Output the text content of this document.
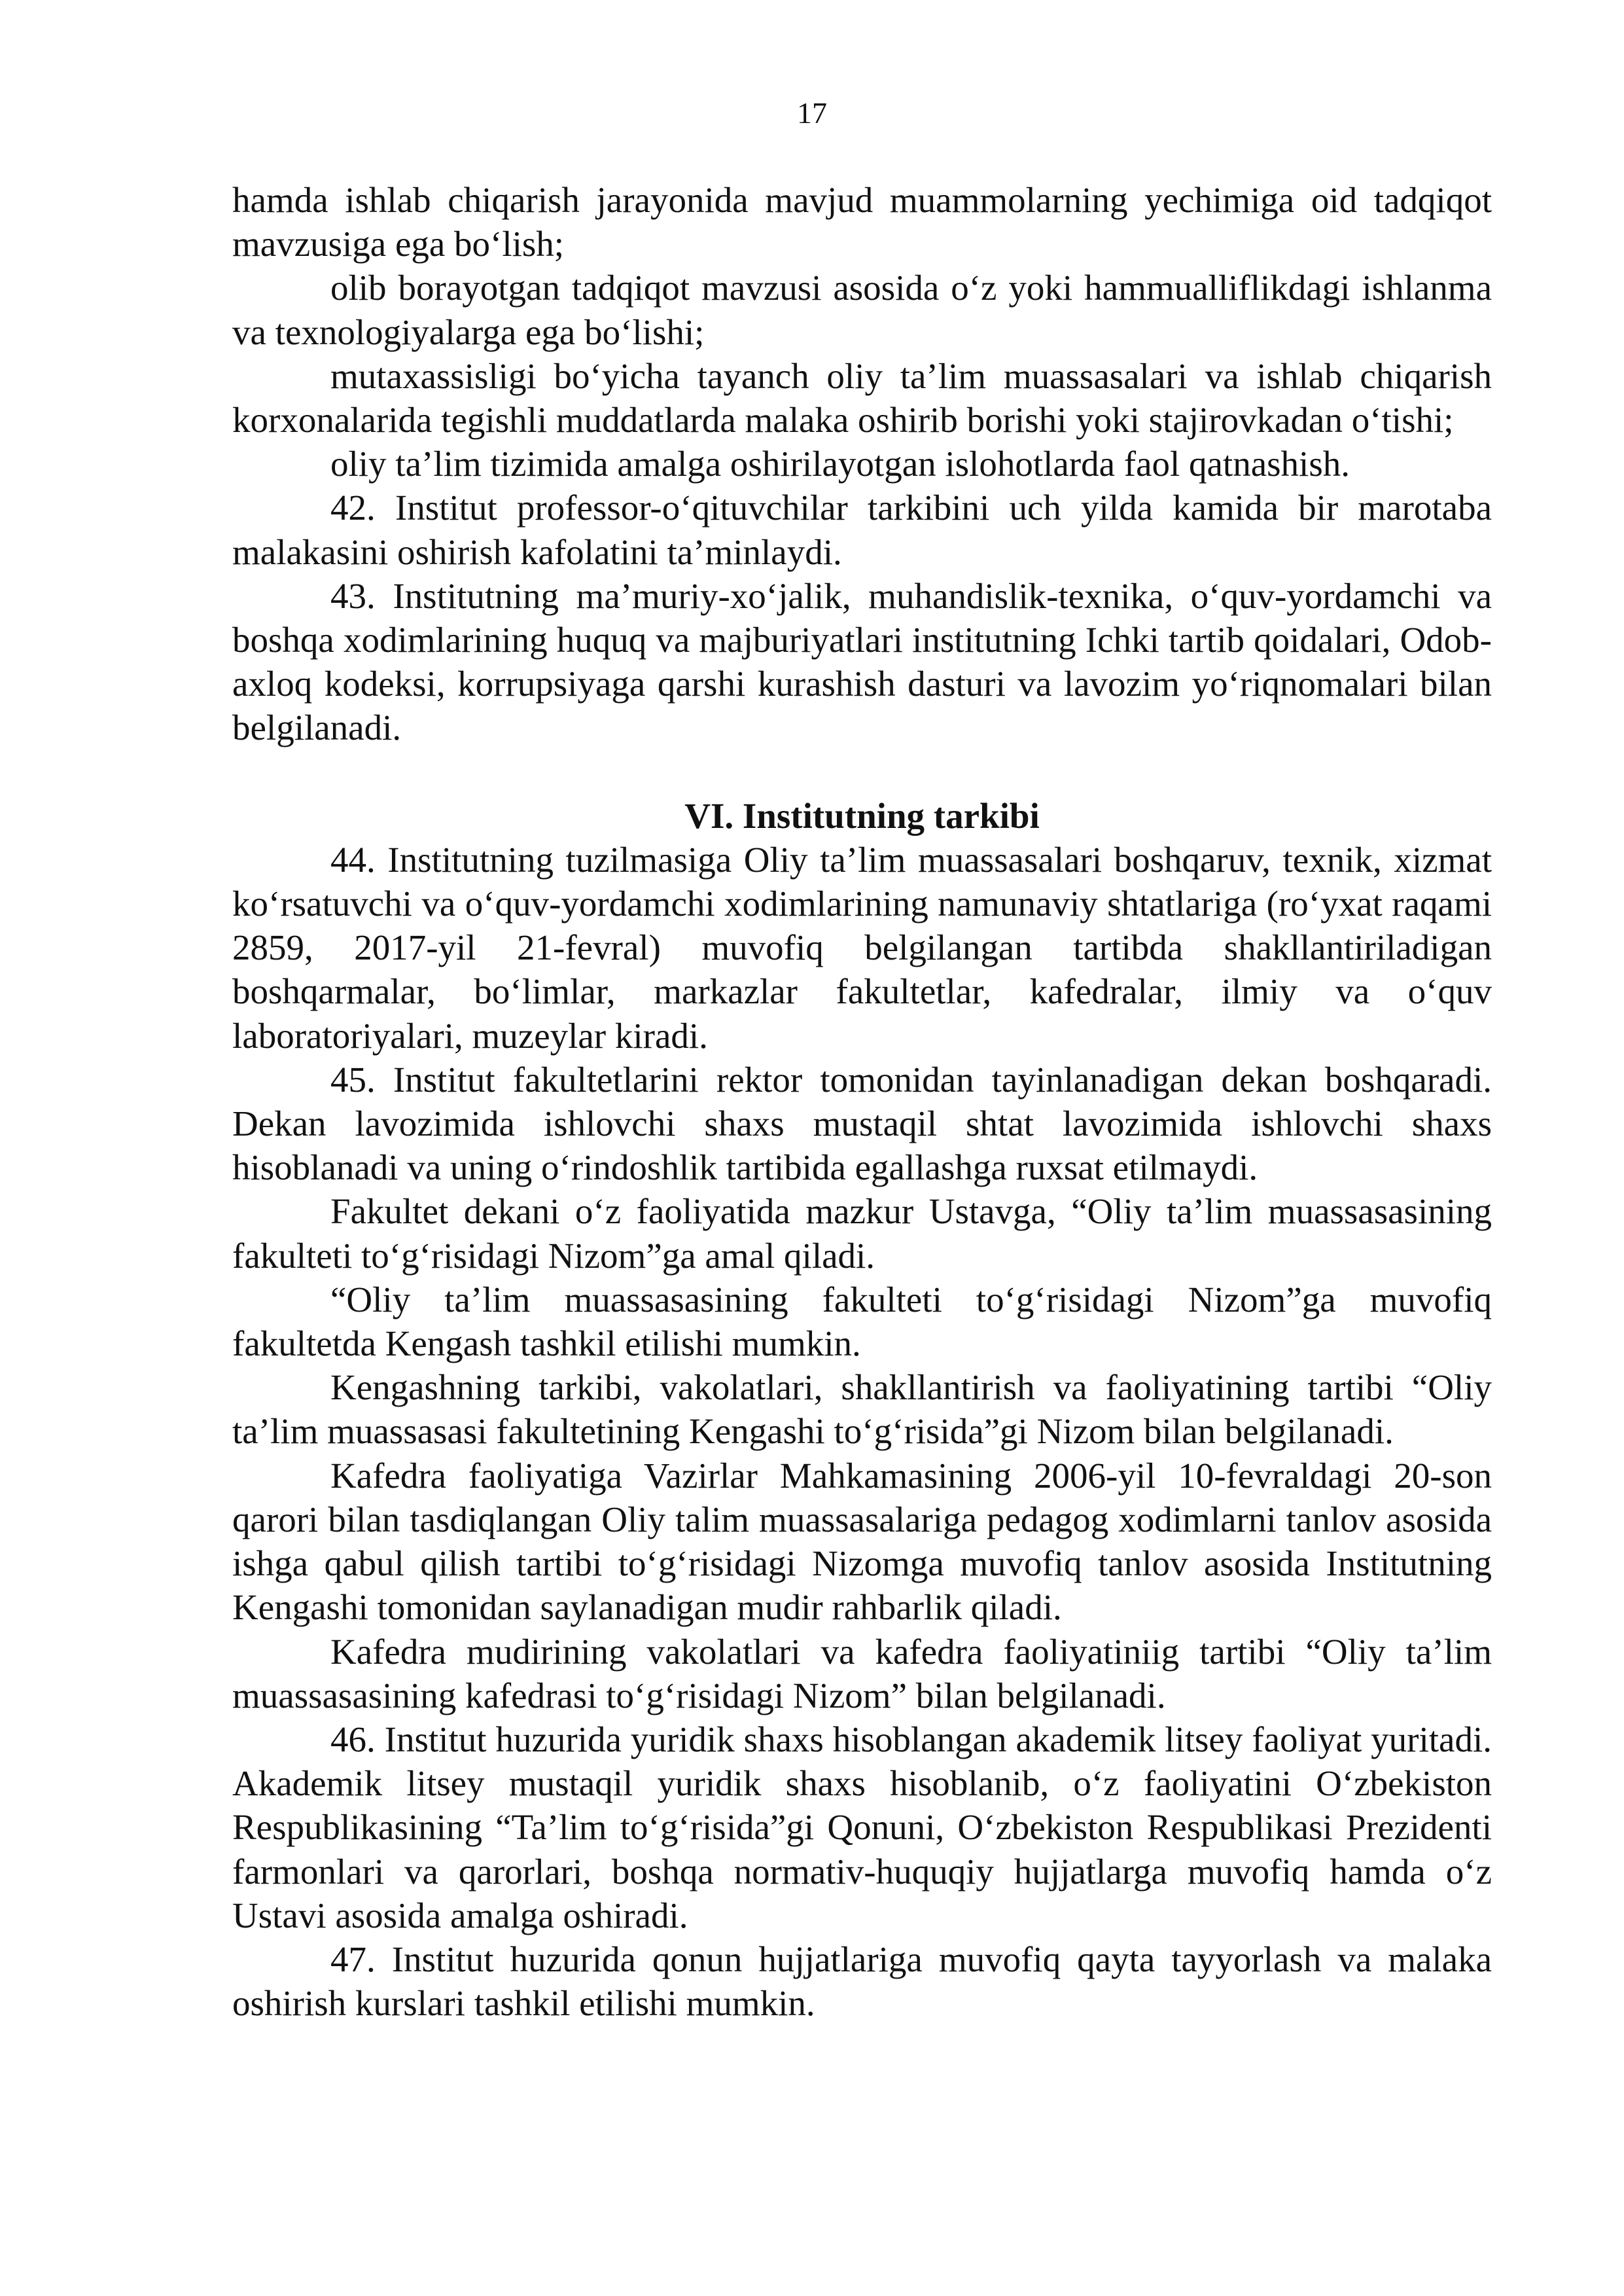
17

hamda ishlab chiqarish jarayonida mavjud muammolarning yechimiga oid tadqiqot mavzusiga ega bo‘lish;

olib borayotgan tadqiqot mavzusi asosida o‘z yoki hammualliflikdagi ishlanma va texnologiyalarga ega bo‘lishi;

mutaxassisligi bo‘yicha tayanch oliy ta’lim muassasalari va ishlab chiqarish korxonalarida tegishli muddatlarda malaka oshirib borishi yoki stajirovkadan o‘tishi;

oliy ta’lim tizimida amalga oshirilayotgan islohotlarda faol qatnashish.

42. Institut professor-o‘qituvchilar tarkibini uch yilda kamida bir marotaba malakasini oshirish kafolatini ta’minlaydi.

43. Institutning ma’muriy-xo‘jalik, muhandislik-texnika, o‘quv-yordamchi va boshqa xodimlarining huquq va majburiyatlari institutning Ichki tartib qoidalari, Odob-axloq kodeksi, korrupsiyaga qarshi kurashish dasturi va lavozim yo‘riqnomalari bilan belgilanadi.

VI. Institutning tarkibi

44. Institutning tuzilmasiga Oliy ta’lim muassasalari boshqaruv, texnik, xizmat ko‘rsatuvchi va o‘quv-yordamchi xodimlarining namunaviy shtatlariga (ro‘yxat raqami 2859, 2017-yil 21-fevral) muvofiq belgilangan tartibda shakllantiriladigan boshqarmalar, bo‘limlar, markazlar fakultetlar, kafedralar, ilmiy va o‘quv laboratoriyalari, muzeylar kiradi.

45. Institut fakultetlarini rektor tomonidan tayinlanadigan dekan boshqaradi. Dekan lavozimida ishlovchi shaxs mustaqil shtat lavozimida ishlovchi shaxs hisoblanadi va uning o‘rindoshlik tartibida egallashga ruxsat etilmaydi.

Fakultet dekani o‘z faoliyatida mazkur Ustavga, “Oliy ta’lim muassasasining fakulteti to‘g‘risidagi Nizom”ga amal qiladi.

“Oliy ta’lim muassasasining fakulteti to‘g‘risidagi Nizom”ga muvofiq fakultetda Kengash tashkil etilishi mumkin.

Kengashning tarkibi, vakolatlari, shakllantirish va faoliyatining tartibi “Oliy ta’lim muassasasi fakultetining Kengashi to‘g‘risida”gi Nizom bilan belgilanadi.

Kafedra faoliyatiga Vazirlar Mahkamasining 2006-yil 10-fevraldagi 20-son qarori bilan tasdiqlangan Oliy talim muassasalariga pedagog xodimlarni tanlov asosida ishga qabul qilish tartibi to‘g‘risidagi Nizomga muvofiq tanlov asosida Institutning Kengashi tomonidan saylanadigan mudir rahbarlik qiladi.

Kafedra mudirining vakolatlari va kafedra faoliyatiniig tartibi “Oliy ta’lim muassasasining kafedrasi to‘g‘risidagi Nizom” bilan belgilanadi.

46. Institut huzurida yuridik shaxs hisoblangan akademik litsey faoliyat yuritadi. Akademik litsey mustaqil yuridik shaxs hisoblanib, o‘z faoliyatini O‘zbekiston Respublikasining “Ta’lim to‘g‘risida”gi Qonuni, O‘zbekiston Respublikasi Prezidenti farmonlari va qarorlari, boshqa normativ-huquqiy hujjatlarga muvofiq hamda o‘z Ustavi asosida amalga oshiradi.

47. Institut huzurida qonun hujjatlariga muvofiq qayta tayyorlash va malaka oshirish kurslari tashkil etilishi mumkin.
